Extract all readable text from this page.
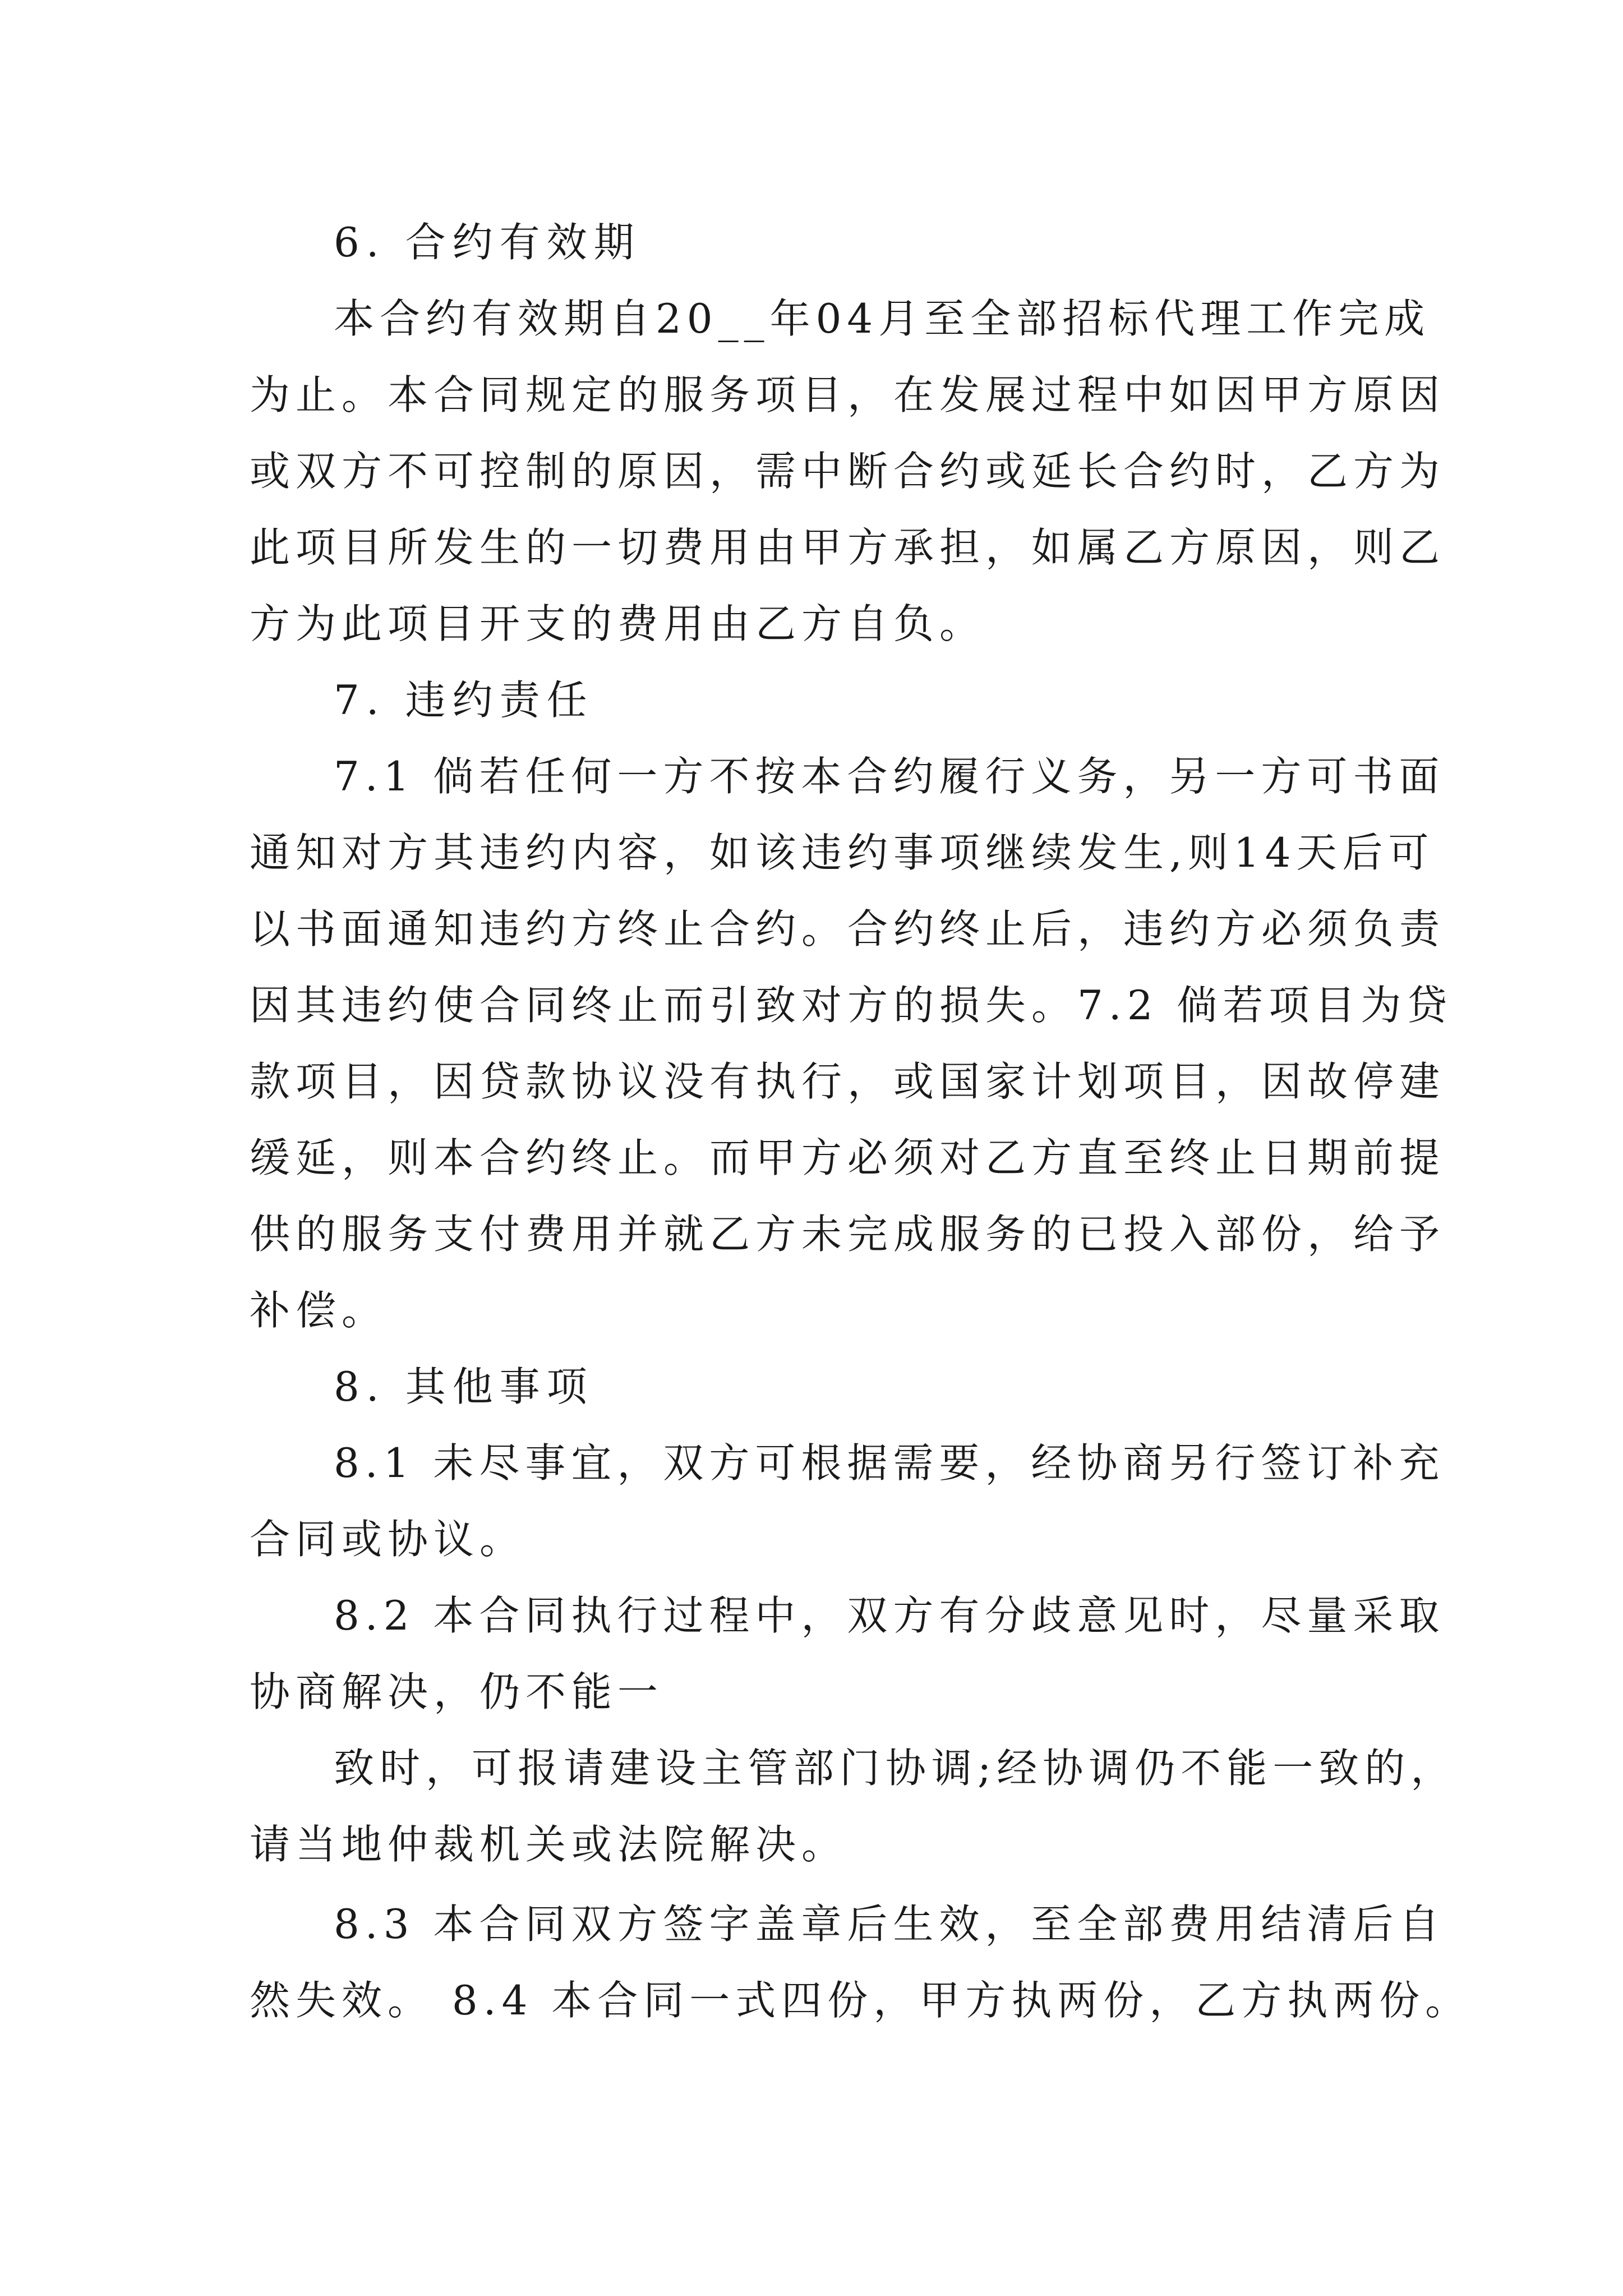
6. 合约有效期
本合约有效期自20__年04月至全部招标代理工作完成
为止。本合同规定的服务项目，在发展过程中如因甲方原因
或双方不可控制的原因，需中断合约或延长合约时，乙方为
此项目所发生的一切费用由甲方承担，如属乙方原因，则乙
方为此项目开支的费用由乙方自负。
7. 违约责任
7.1 倘若任何一方不按本合约履行义务，另一方可书面
通知对方其违约内容，如该违约事项继续发生,则14天后可
以书面通知违约方终止合约。合约终止后，违约方必须负责
因其违约使合同终止而引致对方的损失。7.2 倘若项目为贷
款项目，因贷款协议没有执行，或国家计划项目，因故停建
缓延，则本合约终止。而甲方必须对乙方直至终止日期前提
供的服务支付费用并就乙方未完成服务的已投入部份，给予
补偿。
8. 其他事项
8.1 未尽事宜，双方可根据需要，经协商另行签订补充
合同或协议。
8.2 本合同执行过程中，双方有分歧意见时，尽量采取
协商解决，仍不能一
致时，可报请建设主管部门协调;经协调仍不能一致的，
请当地仲裁机关或法院解决。
8.3 本合同双方签字盖章后生效，至全部费用结清后自
然失效。 8.4 本合同一式四份，甲方执两份，乙方执两份。
